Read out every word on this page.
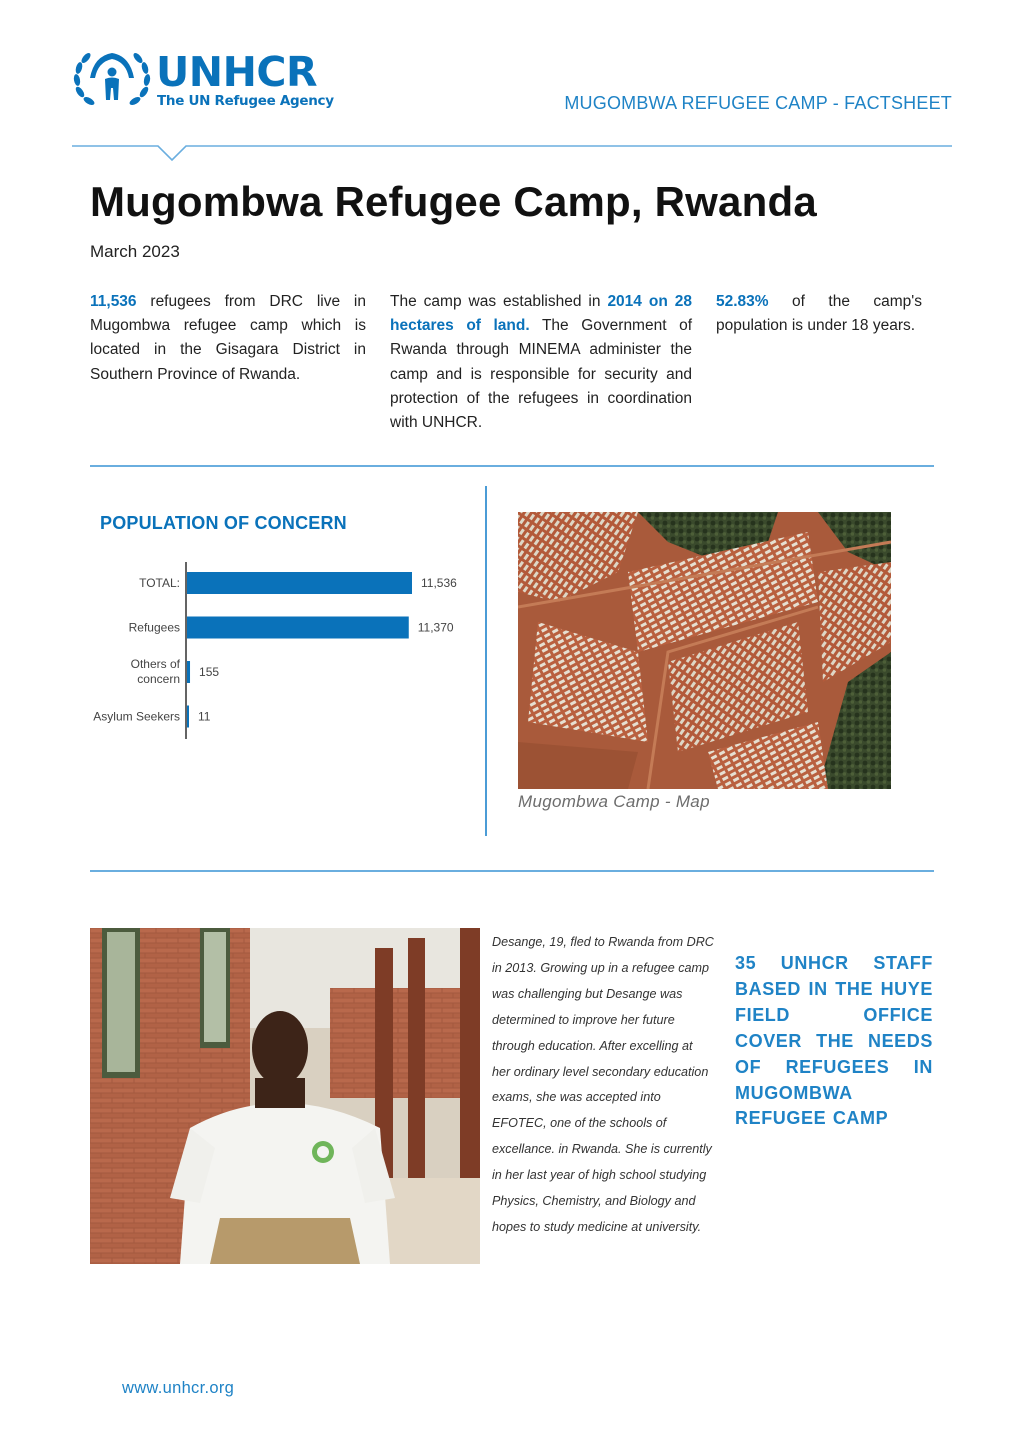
UNHCR
The UN Refugee Agency	MUGOMBWA REFUGEE CAMP - FACTSHEET
Mugombwa Refugee Camp, Rwanda
March 2023

11,536 refugees from DRC live in Mugombwa refugee camp which is located in the Gisagara District in Southern Province of Rwanda.

The camp was established in 2014 on 28 hectares of land. The Government of Rwanda through MINEMA administer the camp and is responsible for security and protection of the refugees in coordination with UNHCR.

52.83% of the camp's population is under 18 years.

POPULATION OF CONCERN
11,536
TOTAL:
11,370
Refugees
155
Others of concern
11
Asylum Seekers
Mugombwa Camp - Map

Desange, 19, fled to Rwanda from DRC in 2013. Growing up in a refugee camp was challenging but Desange was determined to improve her future through education. After excelling at her ordinary level secondary education exams, she was accepted into EFOTEC, one of the schools of excellance. in Rwanda. She is currently in her last year of high school studying Physics, Chemistry, and Biology and hopes to study medicine at university.

35 UNHCR STAFF BASED IN THE HUYE FIELD OFFICE COVER THE NEEDS OF REFUGEES IN MUGOMBWA REFUGEE CAMP

www.unhcr.org
